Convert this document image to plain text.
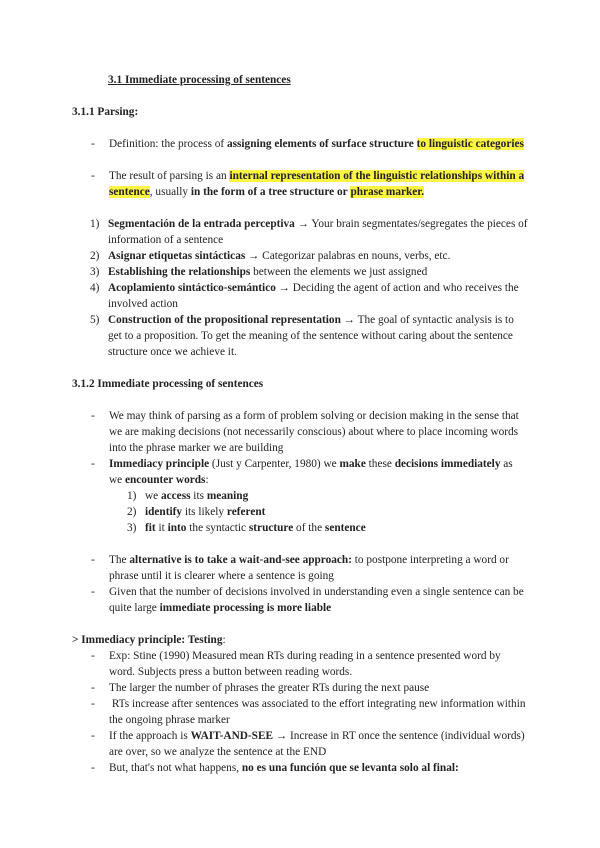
3.1 Immediate processing of sentences
3.1.1 Parsing:
- Definition: the process of assigning elements of surface structure to linguistic categories
- The result of parsing is an internal representation of the linguistic relationships within a sentence, usually in the form of a tree structure or phrase marker.
1) Segmentación de la entrada perceptiva → Your brain segmentates/segregates the pieces of information of a sentence
2) Asignar etiquetas sintácticas → Categorizar palabras en nouns, verbs, etc.
3) Establishing the relationships between the elements we just assigned
4) Acoplamiento sintáctico-semántico → Deciding the agent of action and who receives the involved action
5) Construction of the propositional representation → The goal of syntactic analysis is to get to a proposition. To get the meaning of the sentence without caring about the sentence structure once we achieve it.
3.1.2 Immediate processing of sentences
- We may think of parsing as a form of problem solving or decision making in the sense that we are making decisions (not necessarily conscious) about where to place incoming words into the phrase marker we are building
- Immediacy principle (Just y Carpenter, 1980) we make these decisions immediately as we encounter words:
1) we access its meaning
2) identify its likely referent
3) fit it into the syntactic structure of the sentence
- The alternative is to take a wait-and-see approach: to postpone interpreting a word or phrase until it is clearer where a sentence is going
- Given that the number of decisions involved in understanding even a single sentence can be quite large immediate processing is more liable
> Immediacy principle: Testing:
- Exp: Stine (1990) Measured mean RTs during reading in a sentence presented word by word. Subjects press a button between reading words.
- The larger the number of phrases the greater RTs during the next pause
- RTs increase after sentences was associated to the effort integrating new information within the ongoing phrase marker
- If the approach is WAIT-AND-SEE → Increase in RT once the sentence (individual words) are over, so we analyze the sentence at the END
- But, that's not what happens, no es una función que se levanta solo al final:
